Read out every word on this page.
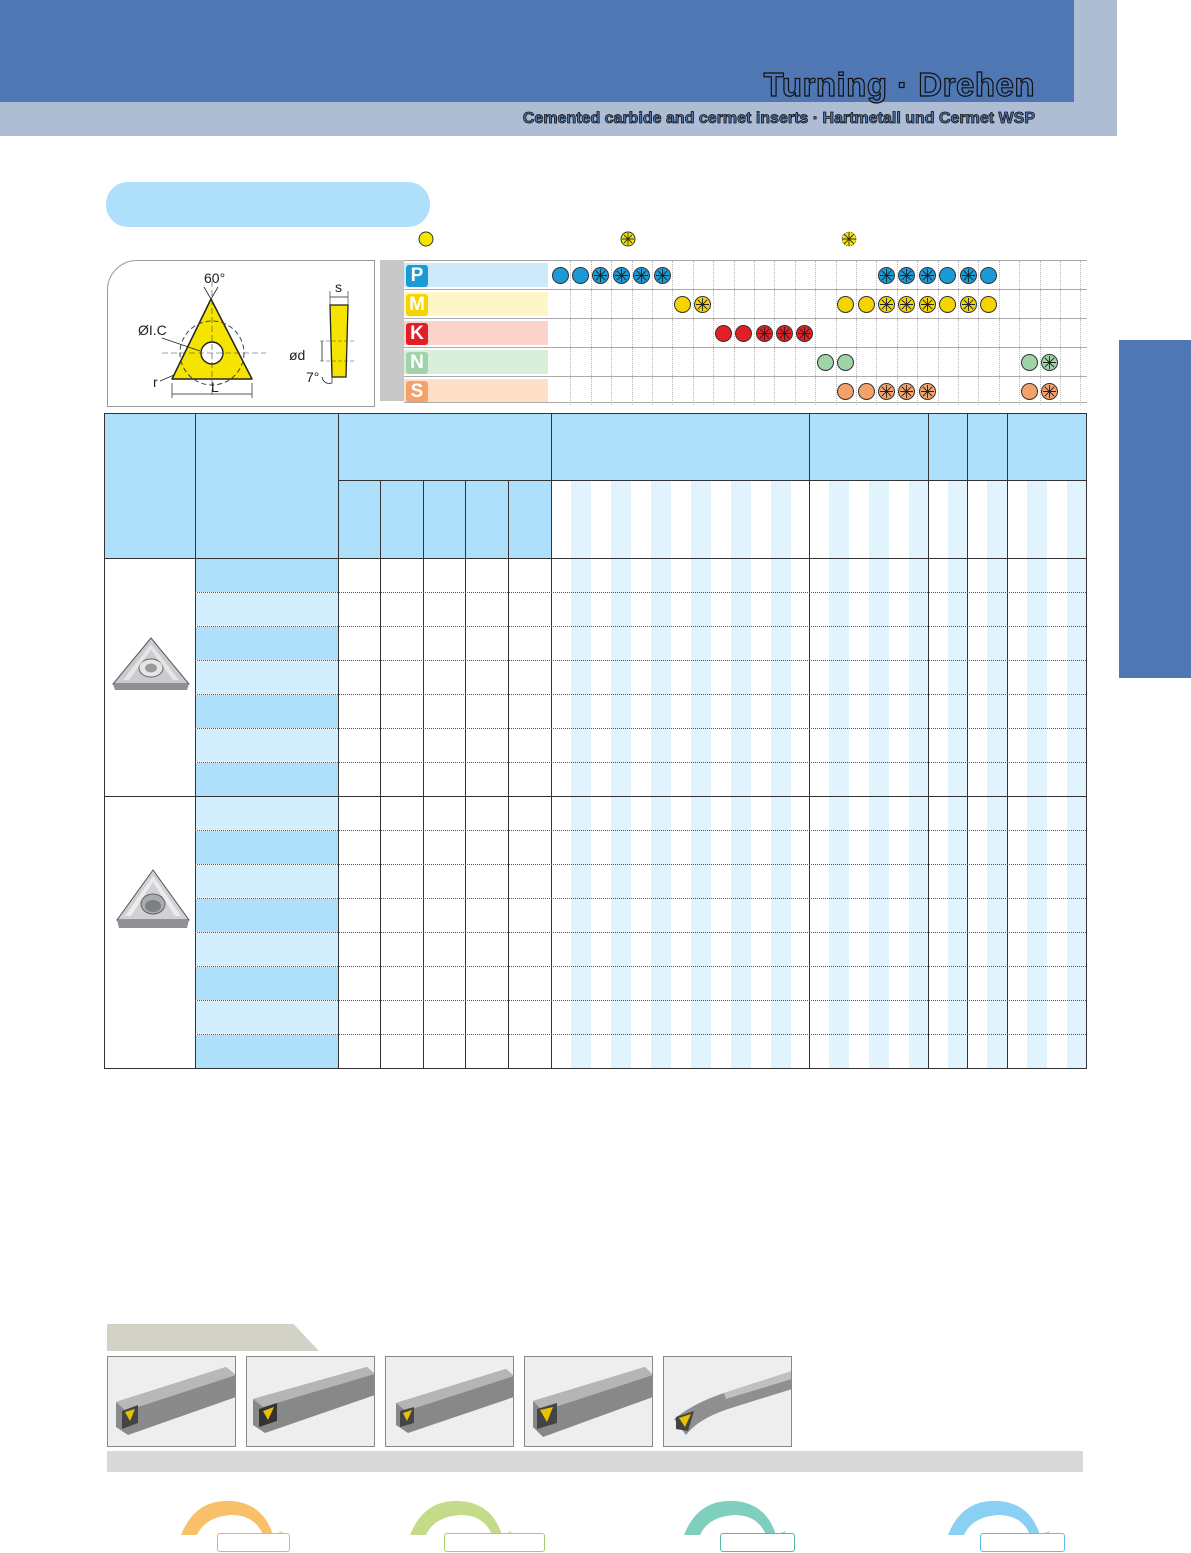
Turning · Drehen
Cemented carbide and cermet inserts · Hartmetall und Cermet WSP
60°
ØI.C
r	L
s
ød
7°
P
M
K
N
S
